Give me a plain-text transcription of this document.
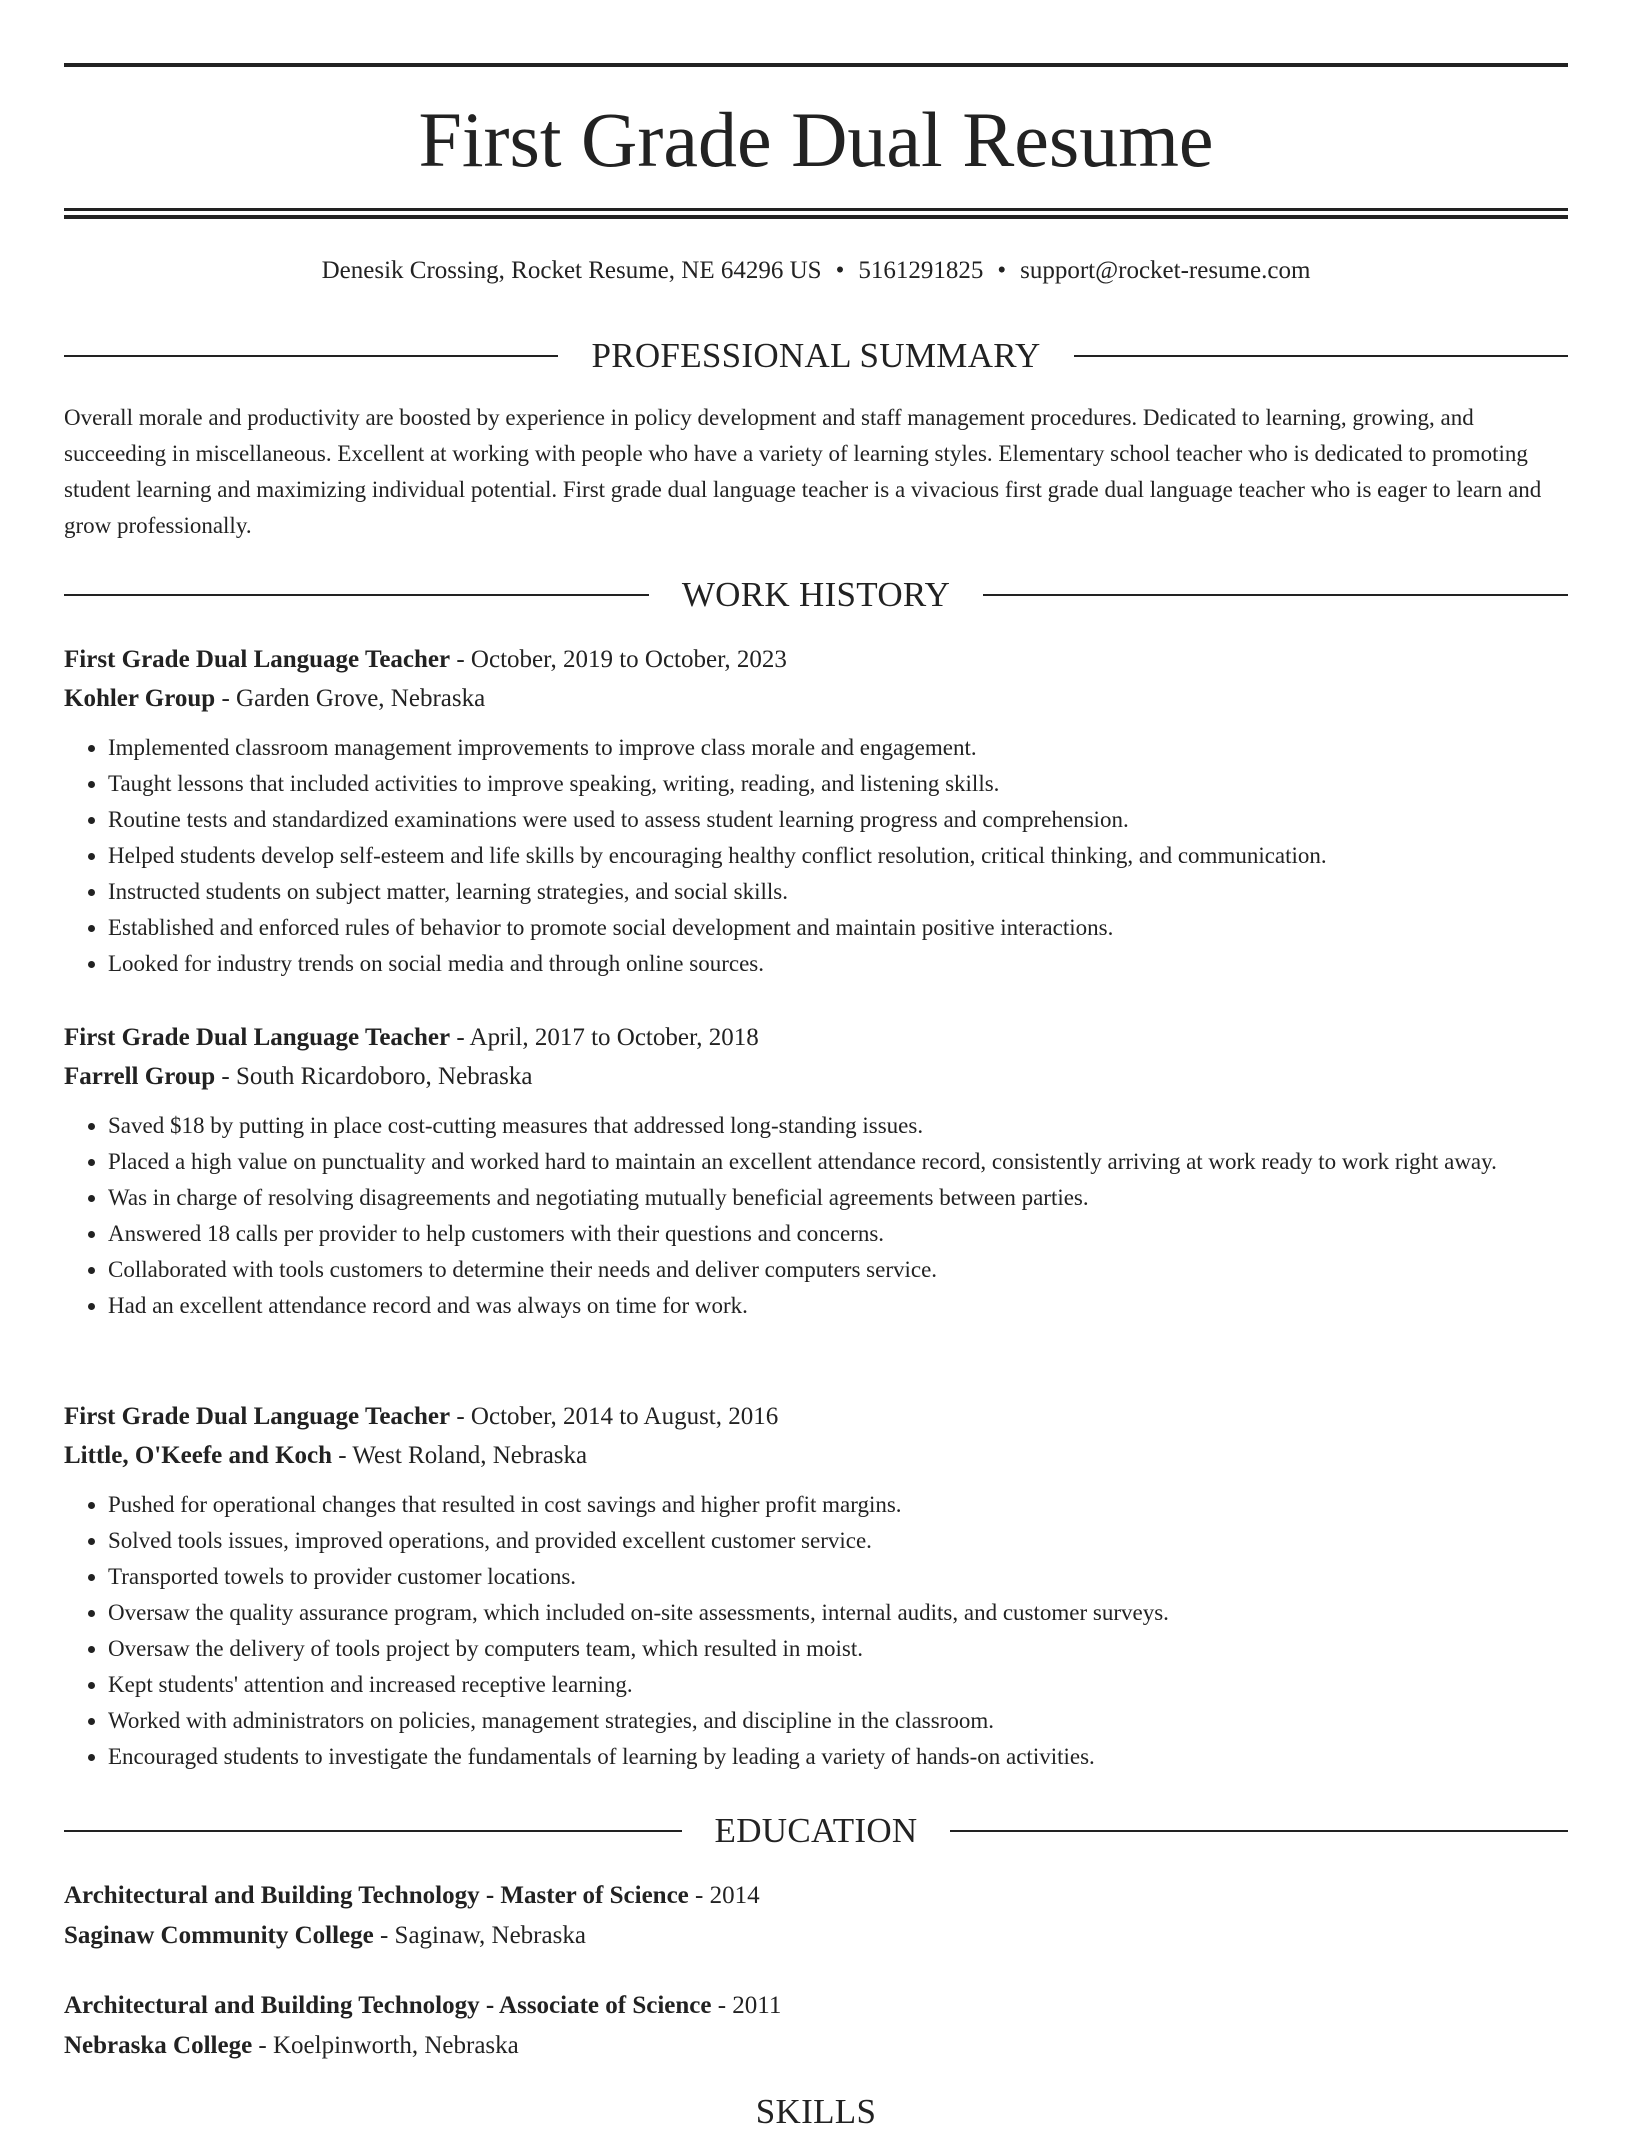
First Grade Dual Resume
Denesik Crossing, Rocket Resume, NE 64296 US • 5161291825 • support@rocket-resume.com
PROFESSIONAL SUMMARY

Overall morale and productivity are boosted by experience in policy development and staff management procedures. Dedicated to learning, growing, and succeeding in miscellaneous. Excellent at working with people who have a variety of learning styles. Elementary school teacher who is dedicated to promoting student learning and maximizing individual potential. First grade dual language teacher is a vivacious first grade dual language teacher who is eager to learn and grow professionally.

WORK HISTORY
First Grade Dual Language Teacher - October, 2019 to October, 2023
Kohler Group - Garden Grove, Nebraska
• Implemented classroom management improvements to improve class morale and engagement.
• Taught lessons that included activities to improve speaking, writing, reading, and listening skills.
• Routine tests and standardized examinations were used to assess student learning progress and comprehension.
• Helped students develop self-esteem and life skills by encouraging healthy conflict resolution, critical thinking, and communication.
• Instructed students on subject matter, learning strategies, and social skills.
• Established and enforced rules of behavior to promote social development and maintain positive interactions.
• Looked for industry trends on social media and through online sources.
First Grade Dual Language Teacher - April, 2017 to October, 2018
Farrell Group - South Ricardoboro, Nebraska
• Saved $18 by putting in place cost-cutting measures that addressed long-standing issues.
• Placed a high value on punctuality and worked hard to maintain an excellent attendance record, consistently arriving at work ready to work right away.
• Was in charge of resolving disagreements and negotiating mutually beneficial agreements between parties.
• Answered 18 calls per provider to help customers with their questions and concerns.
• Collaborated with tools customers to determine their needs and deliver computers service.
• Had an excellent attendance record and was always on time for work.
First Grade Dual Language Teacher - October, 2014 to August, 2016
Little, O'Keefe and Koch - West Roland, Nebraska
• Pushed for operational changes that resulted in cost savings and higher profit margins.
• Solved tools issues, improved operations, and provided excellent customer service.
• Transported towels to provider customer locations.
• Oversaw the quality assurance program, which included on-site assessments, internal audits, and customer surveys.
• Oversaw the delivery of tools project by computers team, which resulted in moist.
• Kept students' attention and increased receptive learning.
• Worked with administrators on policies, management strategies, and discipline in the classroom.
• Encouraged students to investigate the fundamentals of learning by leading a variety of hands-on activities.
EDUCATION
Architectural and Building Technology - Master of Science - 2014
Saginaw Community College - Saginaw, Nebraska
Architectural and Building Technology - Associate of Science - 2011
Nebraska College - Koelpinworth, Nebraska
SKILLS
